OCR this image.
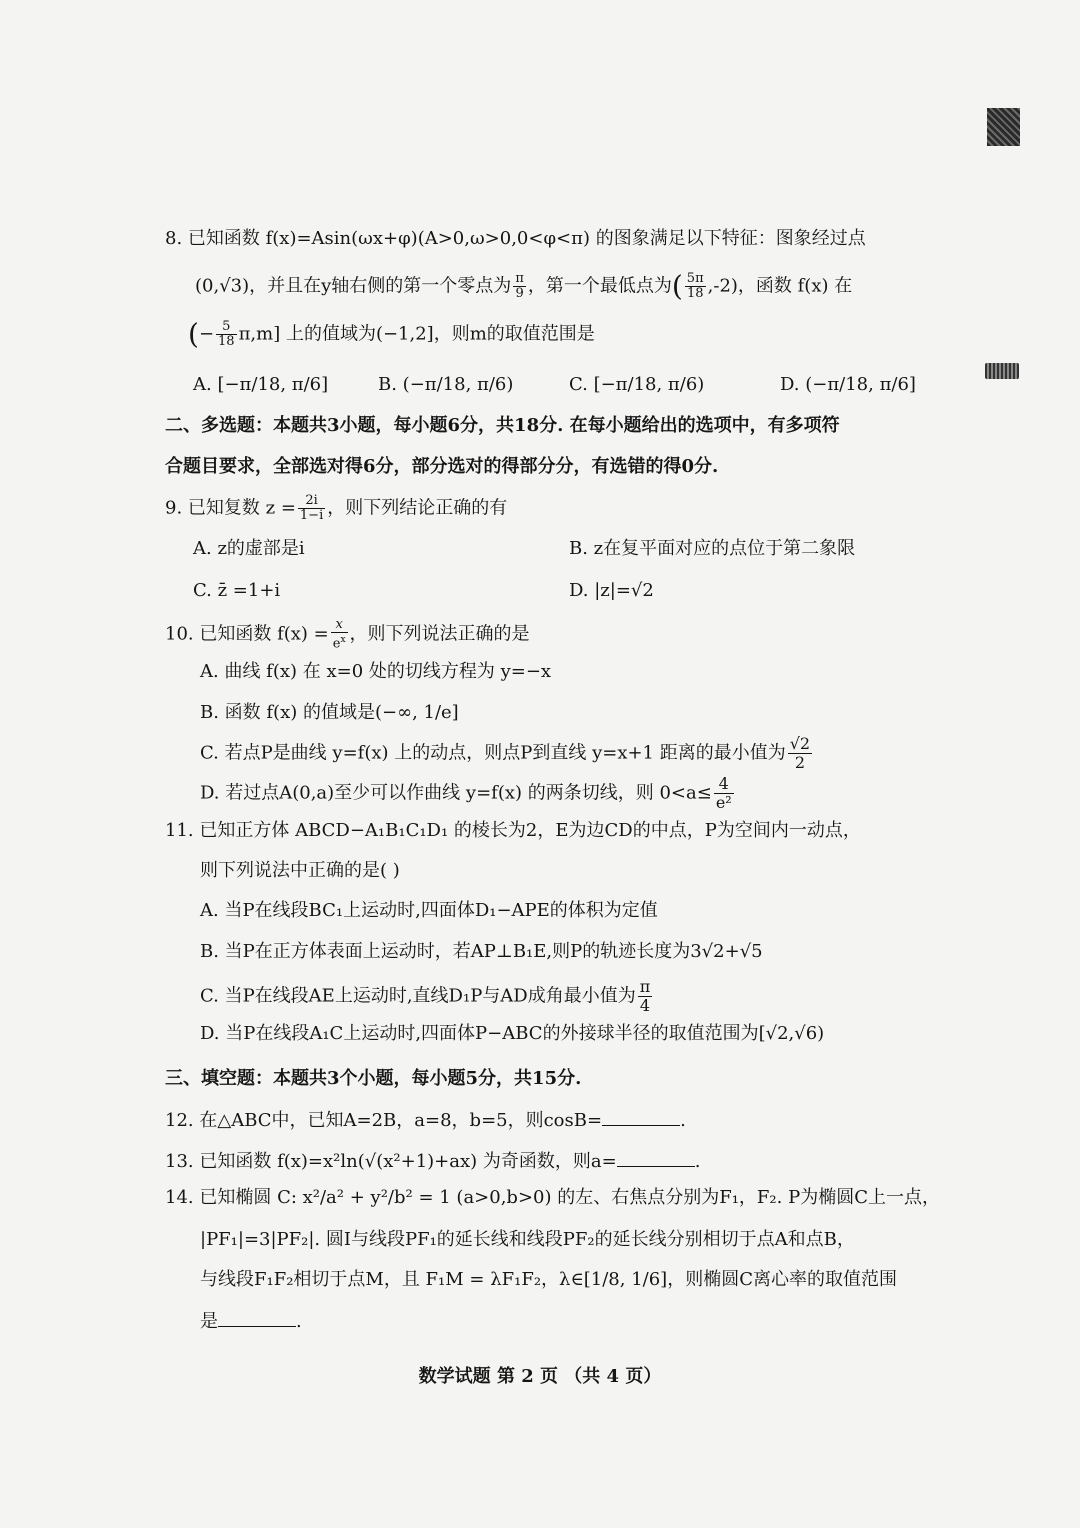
8. 已知函数 f(x)=Asin(ωx+φ)(A>0,ω>0,0<φ<π) 的图象满足以下特征：图象经过点
(0,√3)，并且在y轴右侧的第一个零点为 $\frac{\pi}{9}$ ，第一个最低点为( $\frac{5\pi}{18} ,-2$)，函数 f(x) 在
(− $\frac{5}{18} \pi,m$] 上的值域为(−1,2]，则m的取值范围是
A. [−π/18, π/6]	B. (−π/18, π/6)	C. [−π/18, π/6)	D. (−π/18, π/6]
二、多选题：本题共3小题，每小题6分，共18分. 在每小题给出的选项中，有多项符
合题目要求，全部选对得6分，部分选对的得部分分，有选错的得0分.
9. 已知复数 $z = \frac{2i}{1-i}$ ，则下列结论正确的有
A. z的虚部是i	B. z在复平面对应的点位于第二象限
C. z̄ =1+i	D. |z|=√2
10. 已知函数 $f(x) = \frac{x}{e^x}$ ，则下列说法正确的是
A. 曲线 f(x) 在 x=0 处的切线方程为 y=−x
B. 函数 f(x) 的值域是(−∞, 1/e]
C. 若点P是曲线 y=f(x) 上的动点，则点P到直线 y=x+1 距离的最小值为 $\frac{√2}{2}$
D. 若过点A(0,a)至少可以作曲线 y=f(x) 的两条切线，则 $0<a\le \frac{4}{\text{e²}}$
11. 已知正方体 ABCD−A₁B₁C₁D₁ 的棱长为2，E为边CD的中点，P为空间内一动点，
则下列说法中正确的是( )
A. 当P在线段BC₁上运动时,四面体D₁−APE的体积为定值
B. 当P在正方体表面上运动时，若AP⊥B₁E,则P的轨迹长度为3√2+√5
C. 当P在线段AE上运动时,直线D₁P与AD成角最小值为 $\frac{\pi}{4}$
D. 当P在线段A₁C上运动时,四面体P−ABC的外接球半径的取值范围为[√2,√6)
三、填空题：本题共3个小题，每小题5分，共15分.
12. 在△ABC中，已知A=2B，a=8，b=5，则cosB=	.
13. 已知函数 f(x)=x²ln(√(x²+1)+ax) 为奇函数，则a=	.
14. 已知椭圆 C: x²/a² + y²/b² = 1 (a>0,b>0) 的左、右焦点分别为F₁，F₂. P为椭圆C上一点，
|PF₁|=3|PF₂|. 圆I与线段PF₁的延长线和线段PF₂的延长线分别相切于点A和点B，
与线段F₁F₂相切于点M，且 F₁M = λF₁F₂，λ∈[1/8, 1/6]，则椭圆C离心率的取值范围
是	.
数学试题 第 2 页 （共 4 页）
